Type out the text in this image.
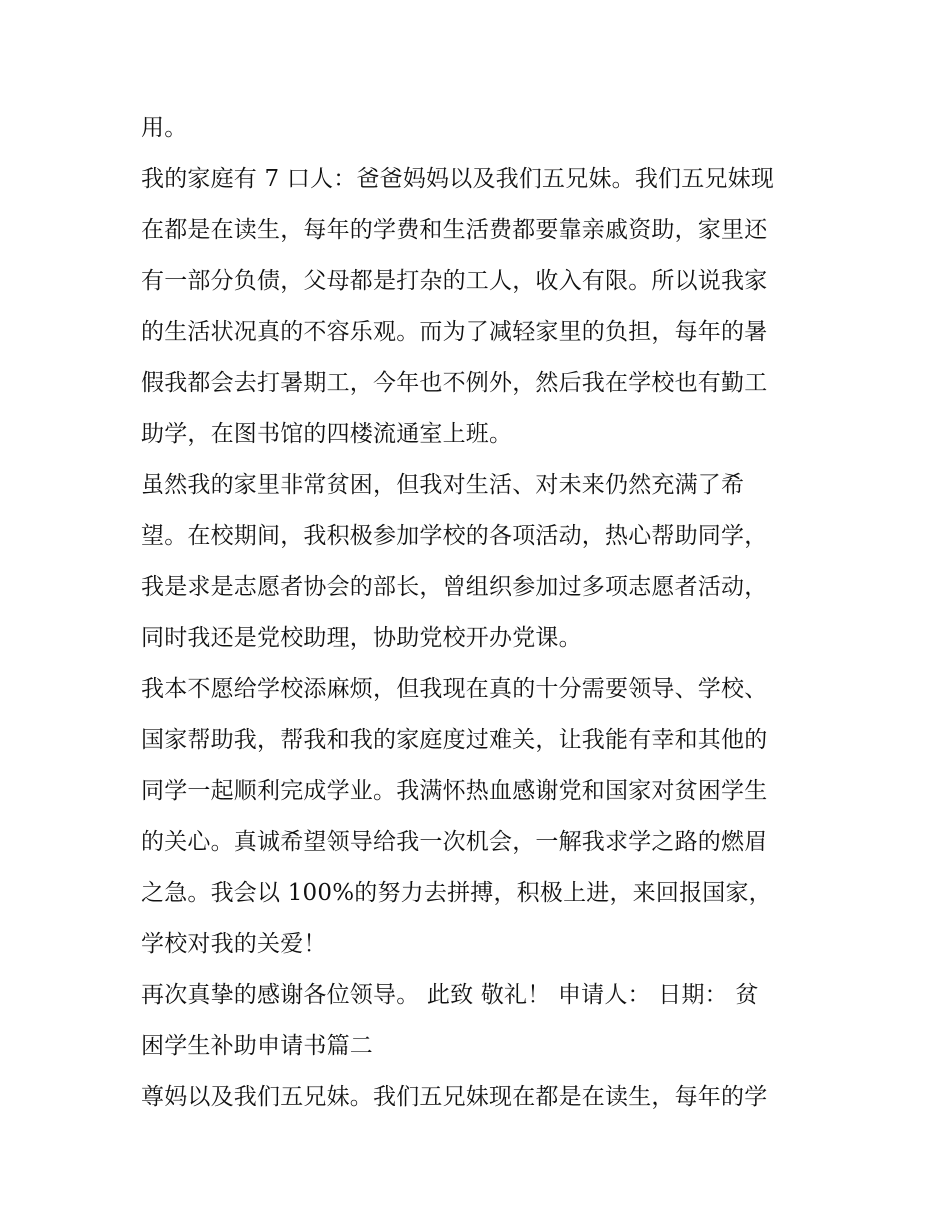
用。
我的家庭有 7 口人：爸爸妈妈以及我们五兄妹。我们五兄妹现
在都是在读生，每年的学费和生活费都要靠亲戚资助，家里还
有一部分负债，父母都是打杂的工人，收入有限。所以说我家
的生活状况真的不容乐观。而为了减轻家里的负担，每年的暑
假我都会去打暑期工，今年也不例外，然后我在学校也有勤工
助学，在图书馆的四楼流通室上班。
虽然我的家里非常贫困，但我对生活、对未来仍然充满了希
望。在校期间，我积极参加学校的各项活动，热心帮助同学，
我是求是志愿者协会的部长，曾组织参加过多项志愿者活动，
同时我还是党校助理，协助党校开办党课。
我本不愿给学校添麻烦，但我现在真的十分需要领导、学校、
国家帮助我，帮我和我的家庭度过难关，让我能有幸和其他的
同学一起顺利完成学业。我满怀热血感谢党和国家对贫困学生
的关心。真诚希望领导给我一次机会，一解我求学之路的燃眉
之急。我会以 100%的努力去拼搏，积极上进，来回报国家，
学校对我的关爱！
再次真挚的感谢各位领导。 此致 敬礼！ 申请人： 日期： 贫
困学生补助申请书篇二
尊妈以及我们五兄妹。我们五兄妹现在都是在读生，每年的学
